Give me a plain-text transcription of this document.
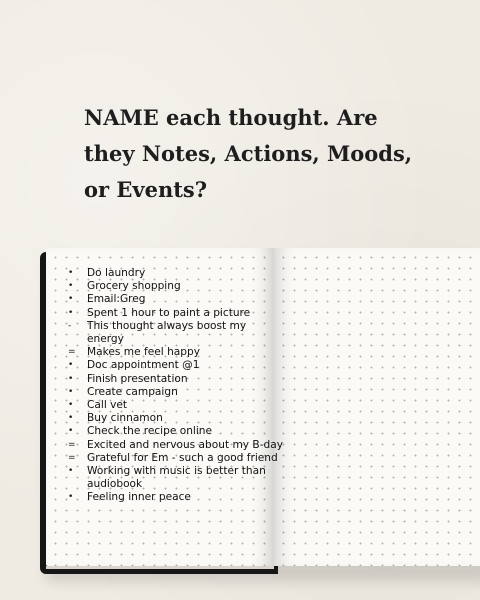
NAME each thought. Are they Notes, Actions, Moods, or Events?
•	Do laundry
•	Grocery shopping
•	Email:Greg
•	Spent 1 hour to paint a picture
-	This thought always boost my energy
=	Makes me feel happy
•	Doc appointment @1
•	Finish presentation
•	Create campaign
•	Call vet
•	Buy cinnamon
•	Check the recipe online
=	Excited and nervous about my B-day
=	Grateful for Em - such a good friend
•	Working with music is better than audiobook
•	Feeling inner peace
